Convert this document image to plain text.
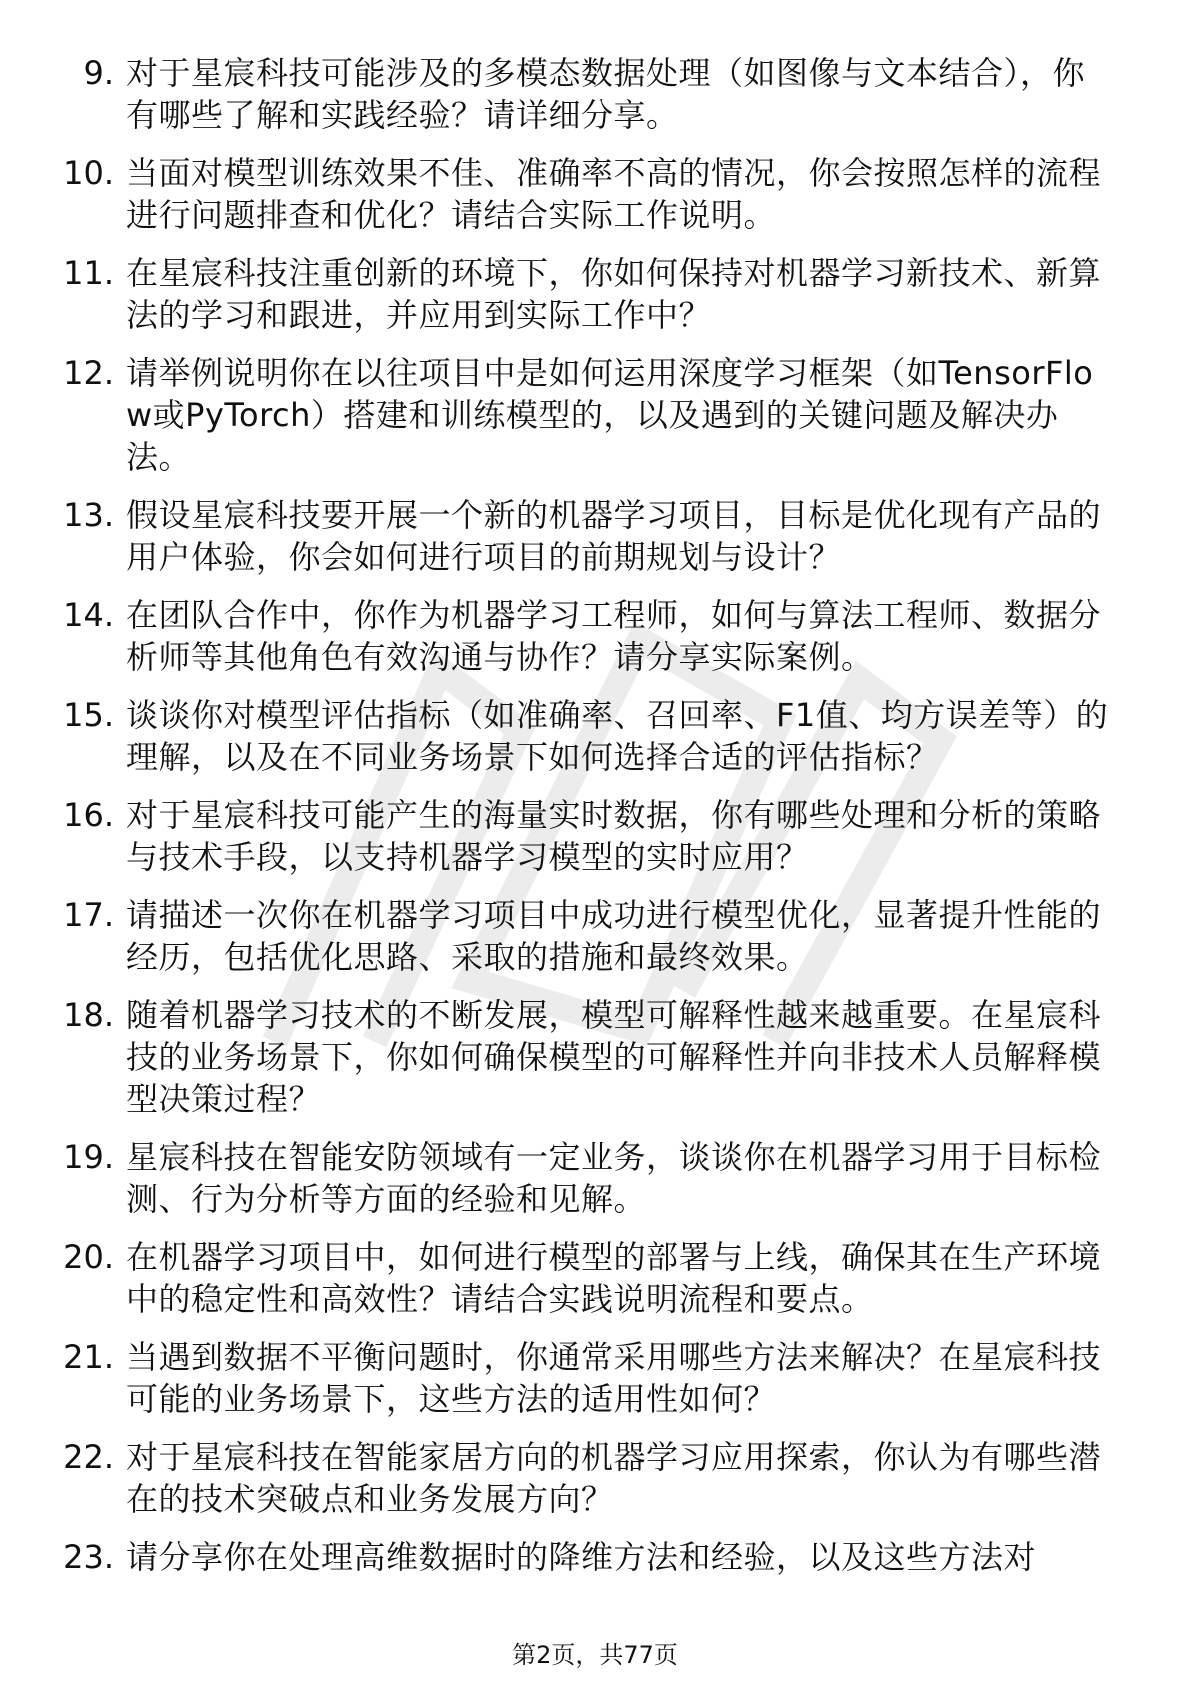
9. 对于星宸科技可能涉及的多模态数据处理（如图像与文本结合），你有哪些了解和实践经验？请详细分享。
10. 当面对模型训练效果不佳、准确率不高的情况，你会按照怎样的流程进行问题排查和优化？请结合实际工作说明。
11. 在星宸科技注重创新的环境下，你如何保持对机器学习新技术、新算法的学习和跟进，并应用到实际工作中？
12. 请举例说明你在以往项目中是如何运用深度学习框架（如TensorFlow或PyTorch）搭建和训练模型的，以及遇到的关键问题及解决办法。
13. 假设星宸科技要开展一个新的机器学习项目，目标是优化现有产品的用户体验，你会如何进行项目的前期规划与设计？
14. 在团队合作中，你作为机器学习工程师，如何与算法工程师、数据分析师等其他角色有效沟通与协作？请分享实际案例。
15. 谈谈你对模型评估指标（如准确率、召回率、F1值、均方误差等）的理解，以及在不同业务场景下如何选择合适的评估指标？
16. 对于星宸科技可能产生的海量实时数据，你有哪些处理和分析的策略与技术手段，以支持机器学习模型的实时应用？
17. 请描述一次你在机器学习项目中成功进行模型优化，显著提升性能的经历，包括优化思路、采取的措施和最终效果。
18. 随着机器学习技术的不断发展，模型可解释性越来越重要。在星宸科技的业务场景下，你如何确保模型的可解释性并向非技术人员解释模型决策过程？
19. 星宸科技在智能安防领域有一定业务，谈谈你在机器学习用于目标检测、行为分析等方面的经验和见解。
20. 在机器学习项目中，如何进行模型的部署与上线，确保其在生产环境中的稳定性和高效性？请结合实践说明流程和要点。
21. 当遇到数据不平衡问题时，你通常采用哪些方法来解决？在星宸科技可能的业务场景下，这些方法的适用性如何？
22. 对于星宸科技在智能家居方向的机器学习应用探索，你认为有哪些潜在的技术突破点和业务发展方向？
23. 请分享你在处理高维数据时的降维方法和经验，以及这些方法对
第2页，共77页
